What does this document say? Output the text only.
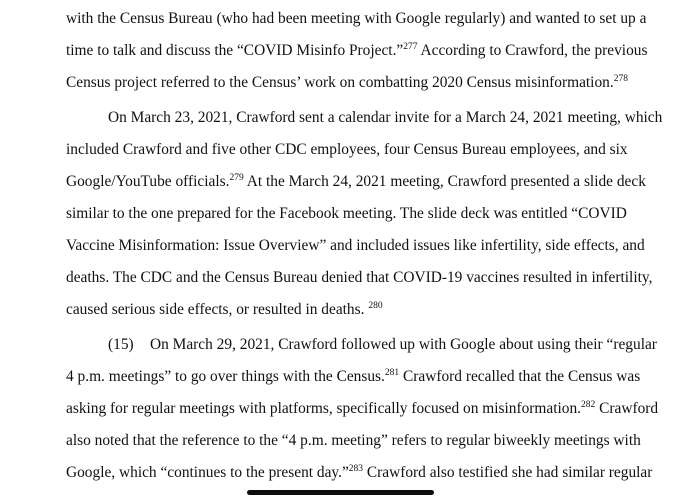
with the Census Bureau (who had been meeting with Google regularly) and wanted to set up a
time to talk and discuss the “COVID Misinfo Project.”$^{277}$ According to Crawford, the previous
Census project referred to the Census’ work on combatting 2020 Census misinformation.$^{278}$
On March 23, 2021, Crawford sent a calendar invite for a March 24, 2021 meeting, which
included Crawford and five other CDC employees, four Census Bureau employees, and six
Google/YouTube officials.$^{279}$ At the March 24, 2021 meeting, Crawford presented a slide deck
similar to the one prepared for the Facebook meeting. The slide deck was entitled “COVID
Vaccine Misinformation: Issue Overview” and included issues like infertility, side effects, and
deaths. The CDC and the Census Bureau denied that COVID-19 vaccines resulted in infertility,
caused serious side effects, or resulted in deaths. $^{280}$
(15) On March 29, 2021, Crawford followed up with Google about using their “regular
4 p.m. meetings” to go over things with the Census.$^{281}$ Crawford recalled that the Census was
asking for regular meetings with platforms, specifically focused on misinformation.$^{282}$ Crawford
also noted that the reference to the “4 p.m. meeting” refers to regular biweekly meetings with
Google, which “continues to the present day.”$^{283}$ Crawford also testified she had similar regular
